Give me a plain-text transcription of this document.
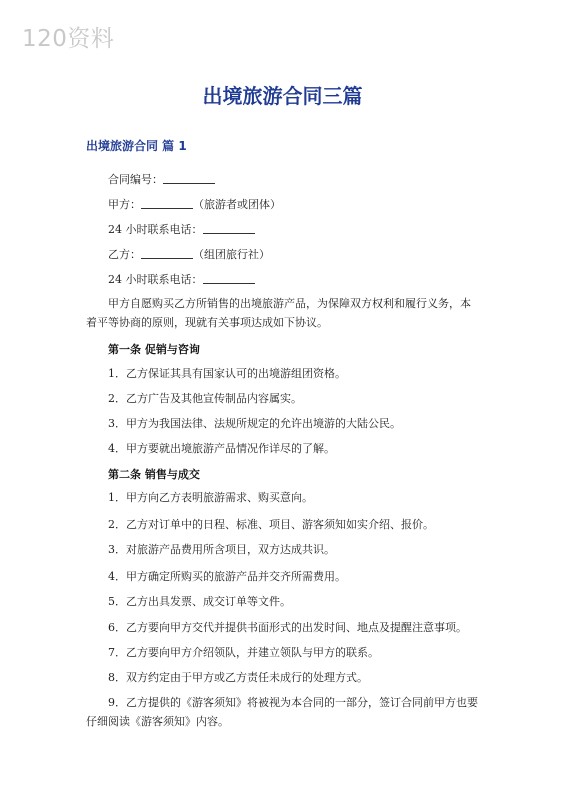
120资料
出境旅游合同三篇
出境旅游合同 篇 1
合同编号：
甲方：	（旅游者或团体）
24 小时联系电话：
乙方：	（组团旅行社）
24 小时联系电话：
甲方自愿购买乙方所销售的出境旅游产品，为保障双方权利和履行义务，本着平等协商的原则，现就有关事项达成如下协议。
第一条 促销与咨询
1．乙方保证其具有国家认可的出境游组团资格。
2．乙方广告及其他宣传制品内容属实。
3．甲方为我国法律、法规所规定的允许出境游的大陆公民。
4．甲方要就出境旅游产品情况作详尽的了解。
第二条 销售与成交
1．甲方向乙方表明旅游需求、购买意向。
2．乙方对订单中的日程、标准、项目、游客须知如实介绍、报价。
3．对旅游产品费用所含项目，双方达成共识。
4．甲方确定所购买的旅游产品并交齐所需费用。
5．乙方出具发票、成交订单等文件。
6．乙方要向甲方交代并提供书面形式的出发时间、地点及提醒注意事项。
7．乙方要向甲方介绍领队，并建立领队与甲方的联系。
8．双方约定由于甲方或乙方责任未成行的处理方式。
9．乙方提供的《游客须知》将被视为本合同的一部分，签订合同前甲方也要仔细阅读《游客须知》内容。
